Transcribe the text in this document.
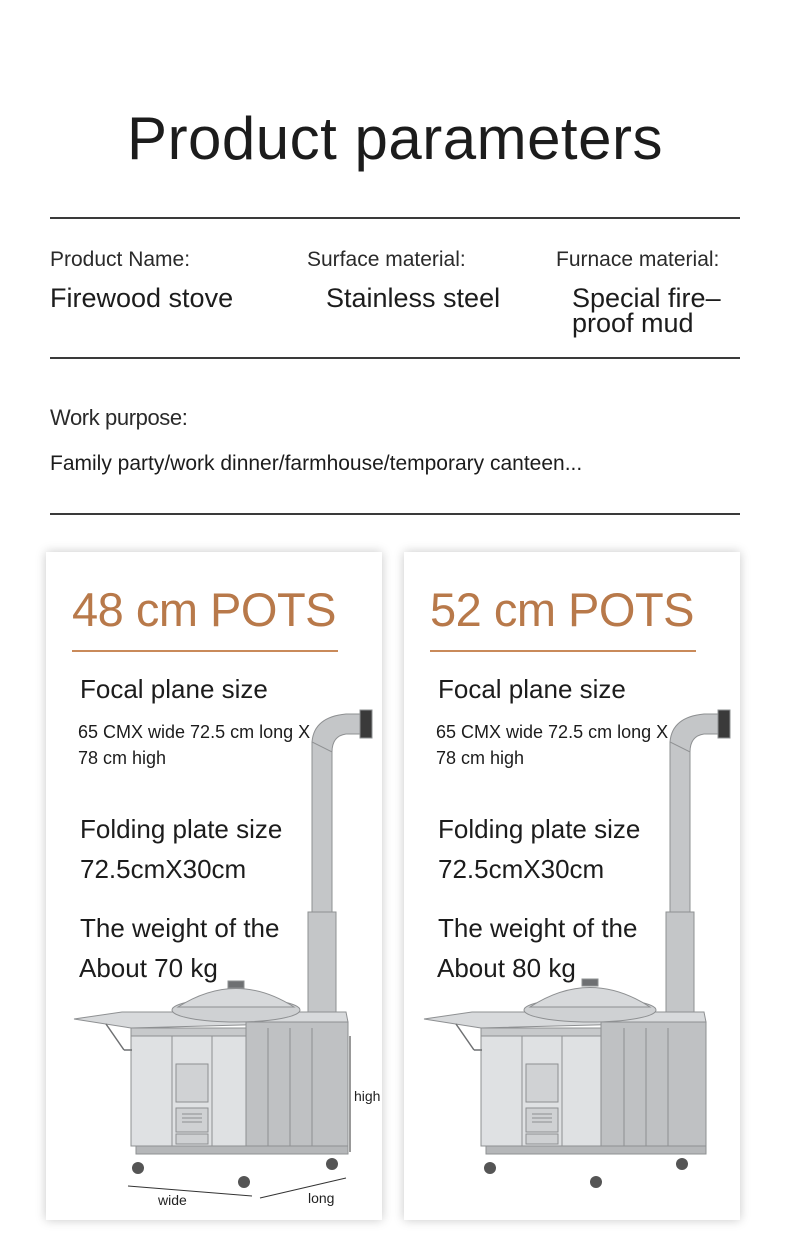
Product parameters
Product Name:
Firewood stove
Surface material:
Stainless steel
Furnace material:
Special fire–
proof mud
Work purpose:
Family party/work dinner/farmhouse/temporary canteen...
48 cm POTS
Focal plane size
65 CMX wide 72.5 cm long X 78 cm high
Folding plate size
72.5cmX30cm
The weight of the
About 70 kg
high
wide	long
52 cm POTS
Focal plane size
65 CMX wide 72.5 cm long X 78 cm high
Folding plate size
72.5cmX30cm
The weight of the
About 80 kg
